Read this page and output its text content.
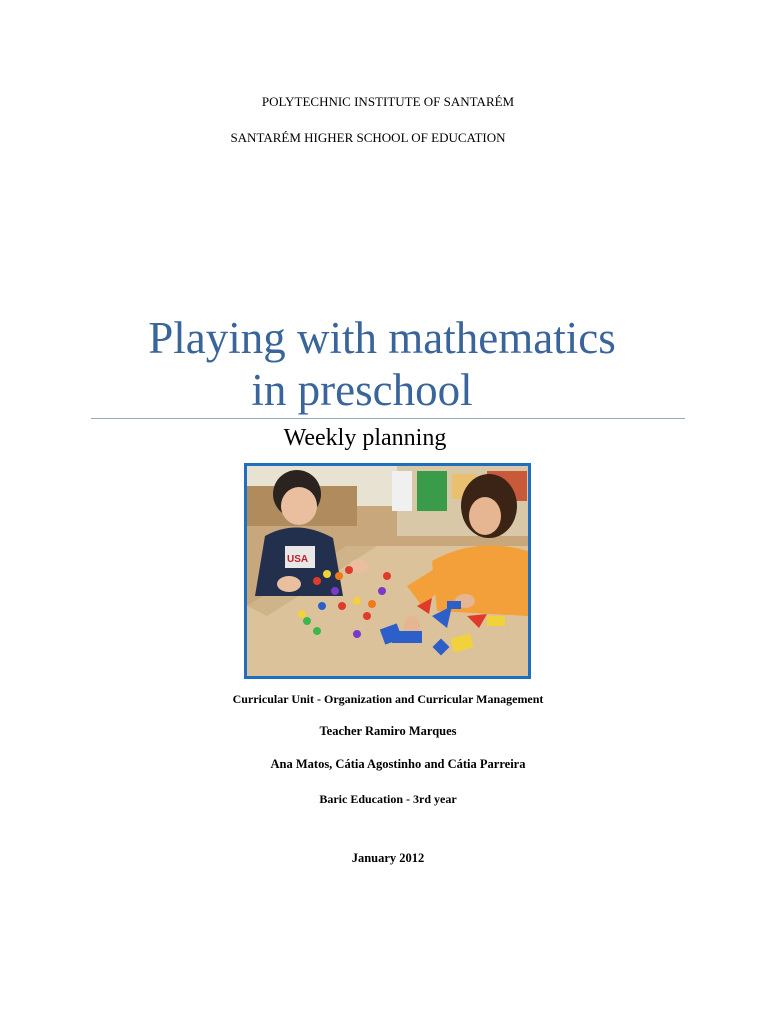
POLYTECHNIC INSTITUTE OF SANTARÉM
SANTARÉM HIGHER SCHOOL OF EDUCATION
Playing with mathematics
in preschool
Weekly planning
USA
Curricular Unit - Organization and Curricular Management
Teacher Ramiro Marques
Ana Matos, Cátia Agostinho and Cátia Parreira
Baric Education - 3rd year
January 2012
